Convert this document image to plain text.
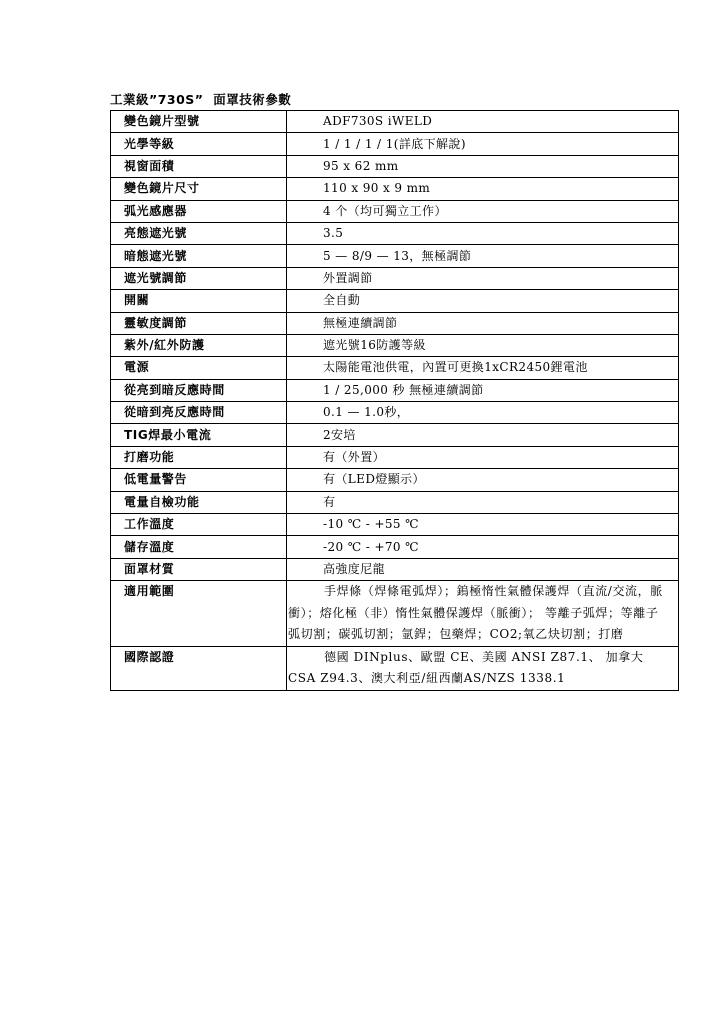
工業級”730S”  面罩技術參數
變色鏡片型號	ADF730S iWELD
光學等級	1 / 1 / 1 / 1(詳底下解說)
視窗面積	95 x 62 mm
變色鏡片尺寸	110 x 90 x 9 mm
弧光感應器	4 个（均可獨立工作）
亮態遮光號	3.5
暗態遮光號	5 — 8/9 — 13，無極調節
遮光號調節	外置調節
開關	全自動
靈敏度調節	無極連續調節
紫外/紅外防護	遮光號16防護等級
電源	太陽能電池供電，內置可更換1xCR2450鋰電池
從亮到暗反應時間	1 / 25,000 秒 無極連續調節
從暗到亮反應時間	0.1 — 1.0秒，
TIG焊最小電流	2安培
打磨功能	有（外置）
低電量警告	有（LED燈顯示）
電量自檢功能	有
工作溫度	-10 ℃ - +55 ℃
儲存溫度	-20 ℃ - +70 ℃
面罩材質	高強度尼龍
適用範圍	手焊條（焊條電弧焊）；鎢極惰性氣體保護焊（直流/交流，脈衝）；熔化極（非）惰性氣體保護焊（脈衝）； 等離子弧焊；等離子弧切割；碳弧切割；氩銲；包藥焊；CO2;氧乙炔切割；打磨
國際認證	德國 DINplus、歐盟 CE、美國 ANSI Z87.1、 加拿大CSA Z94.3、澳大利亞/紐西蘭AS/NZS 1338.1
